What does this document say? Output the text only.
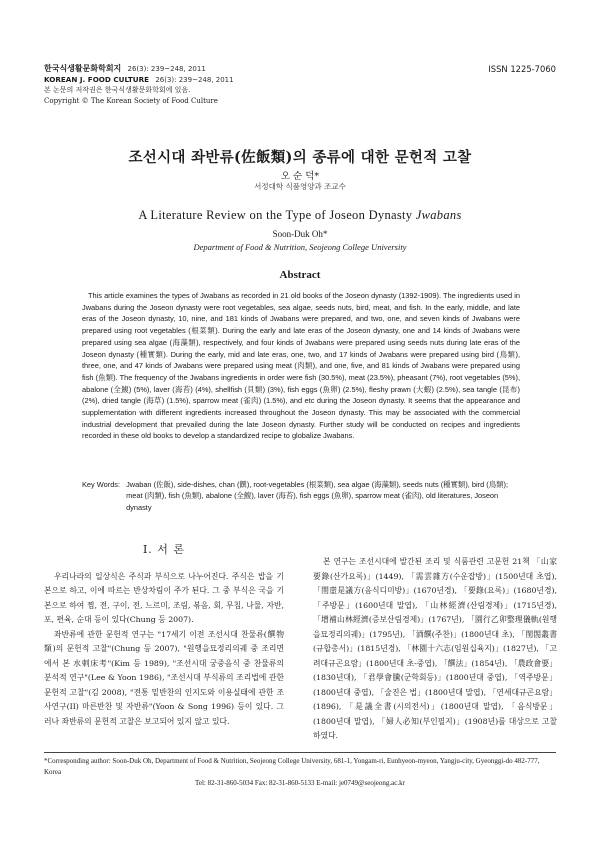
한국식생활문화학회지 26(3): 239~248, 2011
KOREAN J. FOOD CULTURE 26(3): 239~248, 2011
본 논문의 저작권은 한국식생활문화학회에 있음.
Copyright © The Korean Society of Food Culture
ISSN 1225-7060
조선시대 좌반류(佐飯類)의 종류에 대한 문헌적 고찰
오 순 덕*
서정대학 식품영양과 조교수
A Literature Review on the Type of Joseon Dynasty Jwabans
Soon-Duk Oh*
Department of Food & Nutrition, Seojeong College University
Abstract

This article examines the types of Jwabans as recorded in 21 old books of the Joseon dynasty (1392-1909). The ingredients used in Jwabans during the Joseon dynasty were root vegetables, sea algae, seeds nuts, bird, meat, and fish. In the early, middle, and late eras of the Joseon dynasty, 10, nine, and 181 kinds of Jwabans were prepared, and two, one, and seven kinds of Jwabans were prepared using root vegetables (根菜類). During the early and late eras of the Joseon dynasty, one and 14 kinds of Jwabans were prepared using sea algae (海藻類), respectively, and four kinds of Jwabans were prepared using seeds nuts during late eras of the Joseon dynasty (種實類). During the early, mid and late eras, one, two, and 17 kinds of Jwabans were prepared using bird (鳥類), three, one, and 47 kinds of Jwabans were prepared using meat (肉類), and one, five, and 81 kinds of Jwabans were prepared using fish (魚類). The frequency of the Jwabans ingredients in order were fish (30.5%), meat (23.5%), pheasant (7%), root vegetables (5%), abalone (全鰒) (5%), laver (海苔) (4%), shellfish (貝類) (3%), fish eggs (魚卵) (2.5%), fleshy prawn (大蝦) (2.5%), sea tangle (昆布) (2%), dried tangle (海草) (1.5%), sparrow meat (雀肉) (1.5%), and etc during the Joseon dynasty. It seems that the appearance and supplementation with different ingredients increased throughout the Joseon dynasty. This may be associated with the commercial industrial development that prevailed during the late Joseon dynasty. Further study will be conducted on recipes and ingredients recorded in these old books to develop a standardized recipe to globalize Jwabans.

Key Words: Jwaban (佐飯), side-dishes, chan (饌), root-vegetables (根菜類), sea algae (海藻類), seeds nuts (種實類), bird (鳥類); meat (肉類), fish (魚類), abalone (全鰒), laver (海苔), fish eggs (魚卵), sparrow meat (雀肉), old literatures, Joseon dynasty
I. 서 론

우리나라의 일상식은 주식과 부식으로 나누어진다. 주식은 밥을 기본으로 하고, 이에 따르는 반상차림이 주가 된다. 그 중 부식은 국을 기본으로 하여 찜, 전, 구이, 전, 느르미, 조림, 볶음, 회, 무침, 나물, 자반, 포, 편육, 순대 등이 있다(Chung 등 2007).

좌반류에 관한 문헌적 연구는 "17세기 이전 조선시대 찬물류(饌物類)의 문헌적 고찰"(Chung 등 2007), "원행을묘정리의궤 중 조리면에서 본 水剌床考"(Kim 등 1989), "조선시대 궁중음식 중 찬물류의 분석적 연구"(Lee & Yoon 1986), "조선시대 부식류의 조리법에 관한 문헌적 고찰"(김 2008), "전통 밑반찬의 인지도와 이용실태에 관한 조사연구(II) 마른반찬 및 자반류"(Yoon & Song 1996) 등이 있다. 그러나 좌반류의 문헌적 고찰은 보고되어 있지 않고 있다.

본 연구는 조선시대에 발간된 조리 및 식품관련 고문헌 21책 「山家要錄(산가요록)」(1449), 「需雲雜方(수운잡방)」(1500년대 초엽), 「閨壼是議方(음식디미방)」(1670년경), 「要錄(요록)」(1680년경), 「주방문」(1600년대 말엽), 「山林經濟(산림경제)」(1715년경), 「增補山林經濟(증보산림경제)」(1767년), 「園行乙卯整理儀軌(원행을묘정리의궤)」(1795년), 「酒饌(주찬)」(1800년대 초), 「閨閤叢書(규합총서)」(1815년경), 「林園十六志(임원십육지)」(1827년), 「고려대규곤요람」(1800년대 초-중엽), 「饌法」(1854년), 「農政會要」(1830년대), 「君學會騰(군학회등)」(1800년대 중엽), 「역주방문」(1800년대 중엽), 「술진은 법」(1800년대 말엽), 「연세대규곤요람」(1896), 「是議全書(시의전서)」(1800년대 말엽), 「음식방문」(1800년대 말엽), 「婦人必知(부인필지)」(1908년)를 대상으로 고찰하였다.

*Corresponding author: Soon-Duk Oh, Department of Food & Nutrition, Seojeong College University, 681-1, Yongam-ri, Eunhyeon-myeon, Yangju-city, Gyeonggi-do 482-777, Korea
Tel: 82-31-860-5034 Fax: 82-31-860-5133 E-mail: je0749@seojeong.ac.kr
